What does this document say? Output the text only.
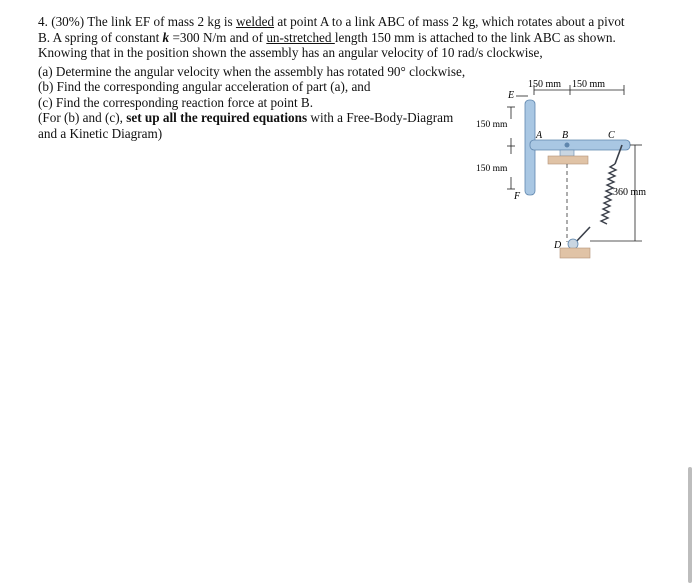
4. (30%) The link EF of mass 2 kg is welded at point A to a link ABC of mass 2 kg, which rotates about a pivot
B. A spring of constant k =300 N/m and of un-stretched length 150 mm is attached to the link ABC as shown.
Knowing that in the position shown the assembly has an angular velocity of 10 rad/s clockwise,
(a) Determine the angular velocity when the assembly has rotated 90° clockwise,
(b) Find the corresponding angular acceleration of part (a), and
(c) Find the corresponding reaction force at point B.
(For (b) and (c), set up all the required equations with a Free-Body-Diagram
and a Kinetic Diagram)
150 mm 150 mm
E
150 mm
150 mm
F
A B	C
D
360 mm
